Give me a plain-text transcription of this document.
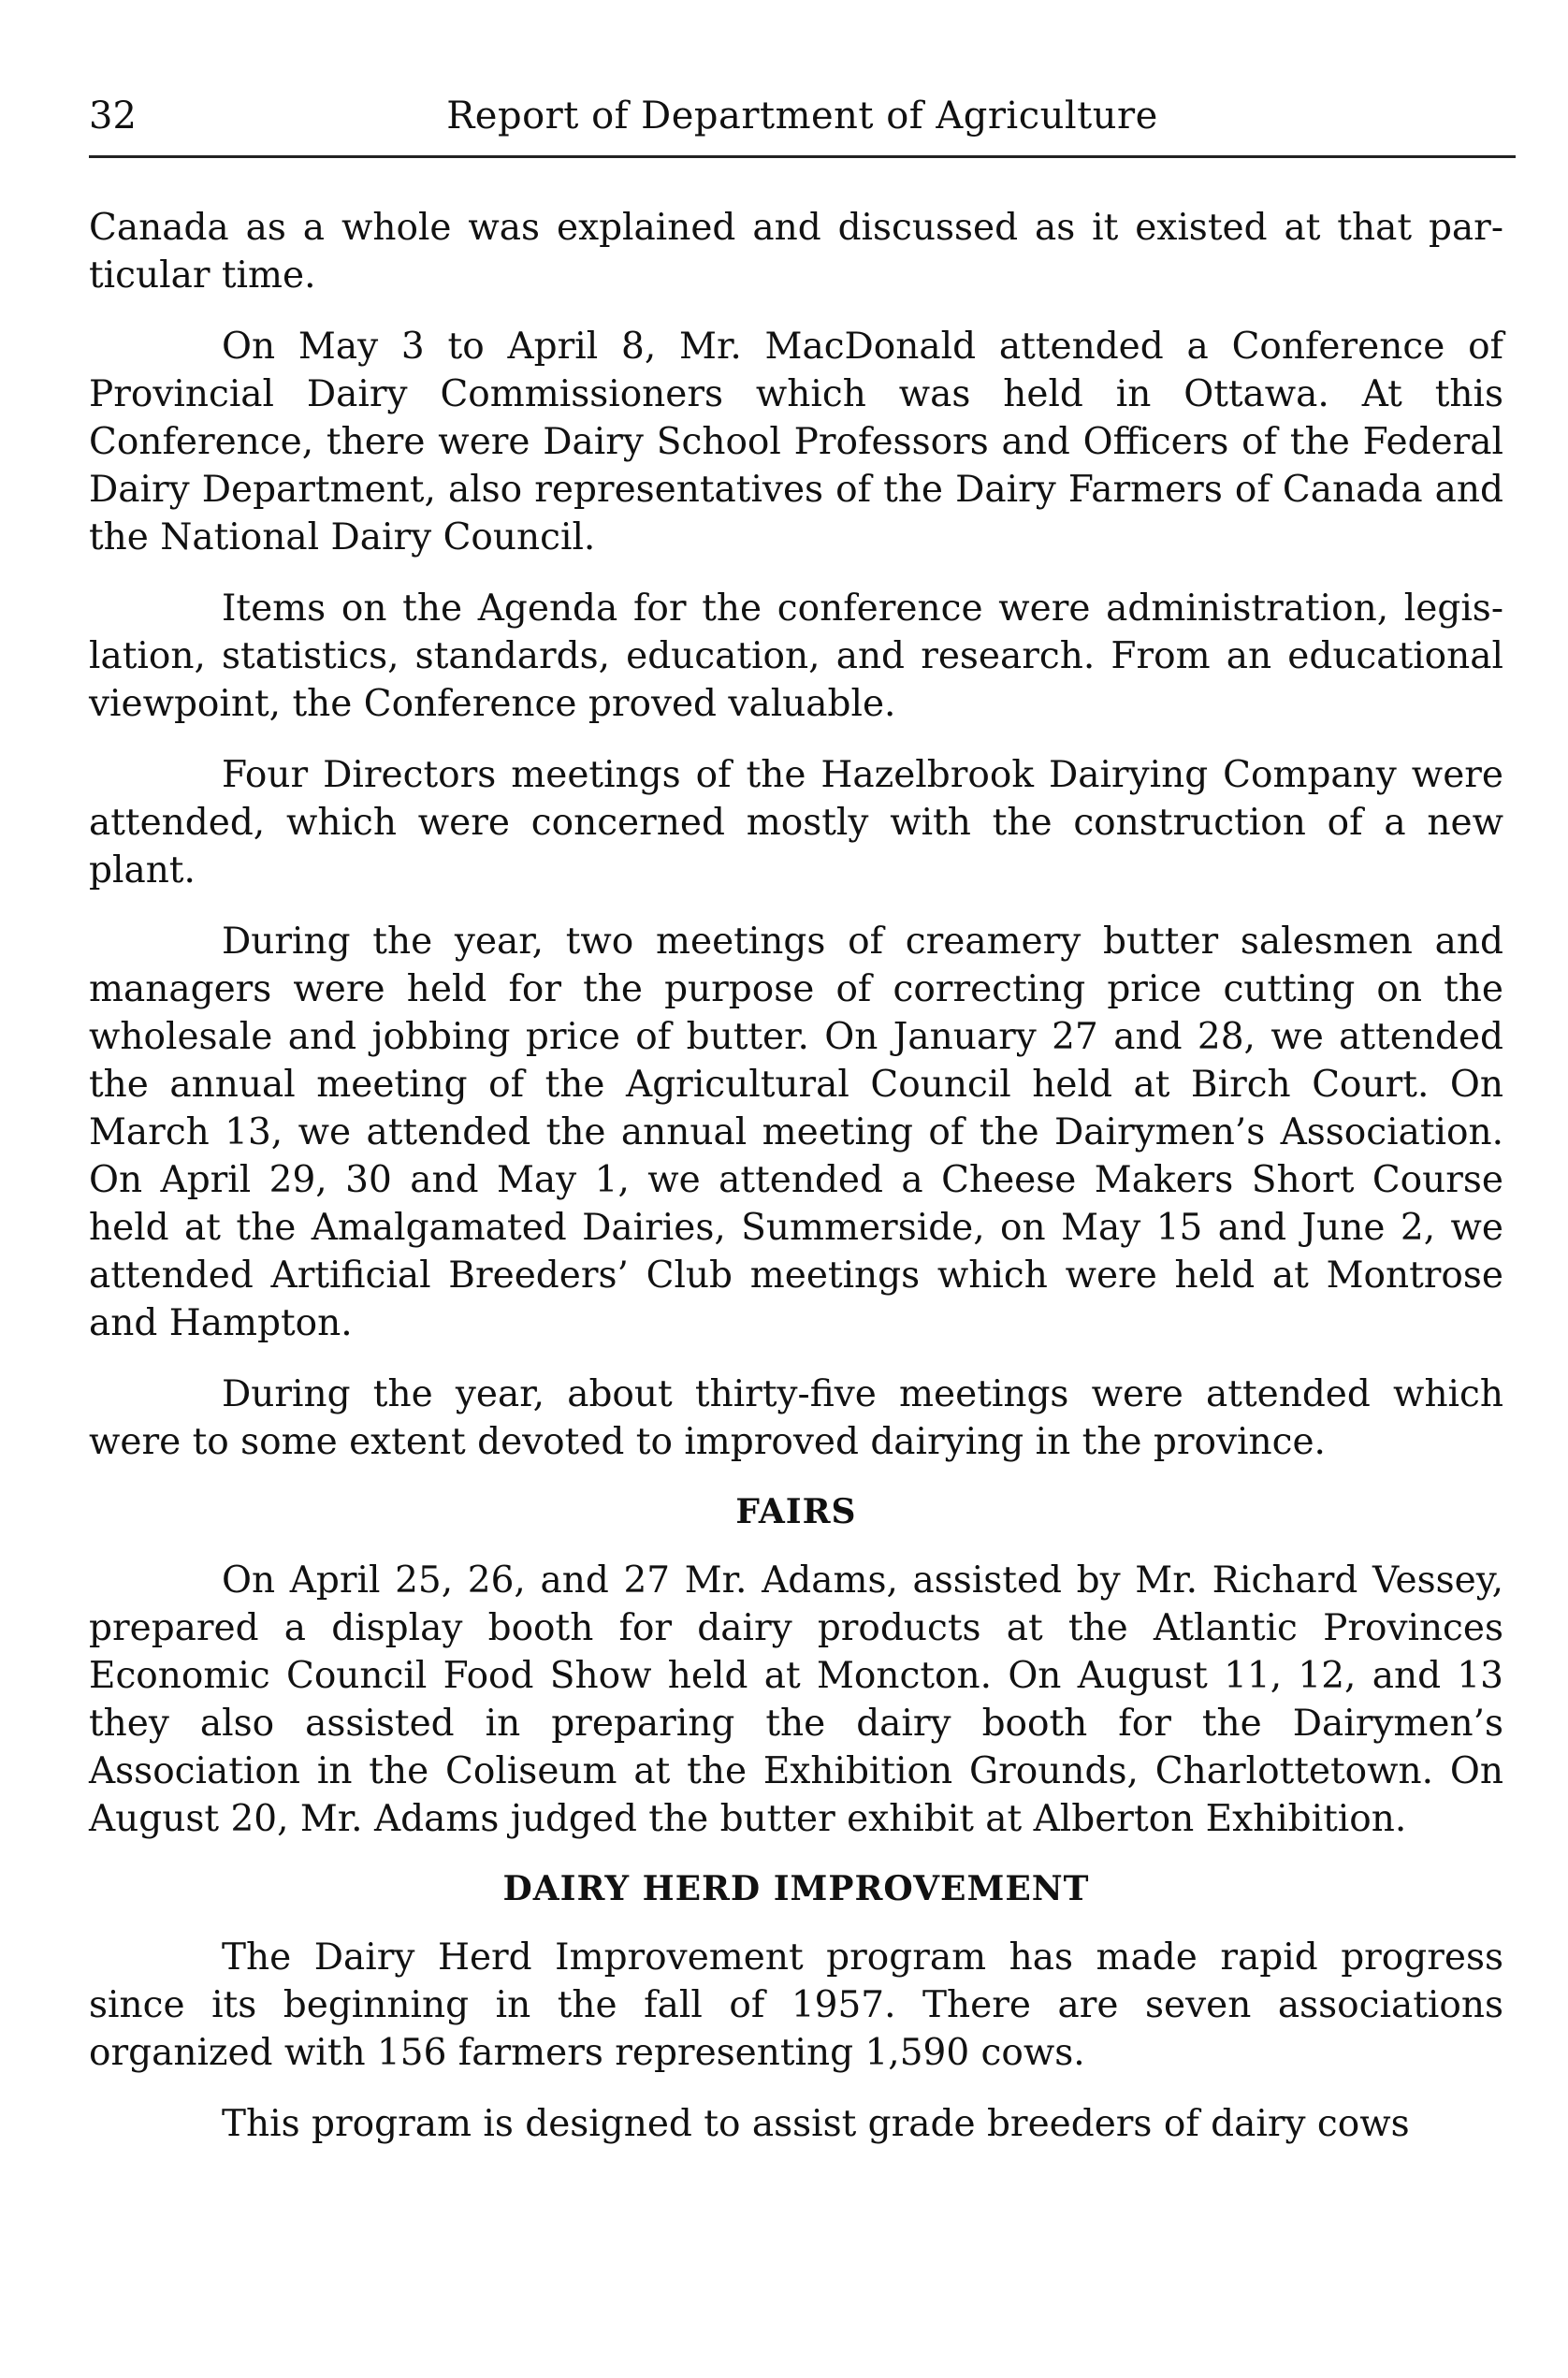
32	Report of Department of Agriculture

Canada as a whole was explained and discussed as it existed at that particular time.

On May 3 to April 8, Mr. MacDonald attended a Conference of Provincial Dairy Commissioners which was held in Ottawa. At this Conference, there were Dairy School Professors and Officers of the Federal Dairy Department, also representatives of the Dairy Farmers of Canada and the National Dairy Council.

Items on the Agenda for the conference were administration, legislation, statistics, standards, education, and research. From an educational viewpoint, the Conference proved valuable.

Four Directors meetings of the Hazelbrook Dairying Company were attended, which were concerned mostly with the construction of a new plant.

During the year, two meetings of creamery butter salesmen and managers were held for the purpose of correcting price cutting on the wholesale and jobbing price of butter. On January 27 and 28, we attended the annual meeting of the Agricultural Council held at Birch Court. On March 13, we attended the annual meeting of the Dairymen’s Association. On April 29, 30 and May 1, we attended a Cheese Makers Short Course held at the Amalgamated Dairies, Summerside, on May 15 and June 2, we attended Artificial Breeders’ Club meetings which were held at Montrose and Hampton.

During the year, about thirty-five meetings were attended which were to some extent devoted to improved dairying in the province.

FAIRS

On April 25, 26, and 27 Mr. Adams, assisted by Mr. Richard Vessey, prepared a display booth for dairy products at the Atlantic Provinces Economic Council Food Show held at Moncton. On August 11, 12, and 13 they also assisted in preparing the dairy booth for the Dairymen’s Association in the Coliseum at the Exhibition Grounds, Charlottetown. On August 20, Mr. Adams judged the butter exhibit at Alberton Exhibition.

DAIRY HERD IMPROVEMENT

The Dairy Herd Improvement program has made rapid progress since its beginning in the fall of 1957. There are seven associations organized with 156 farmers representing 1,590 cows.

This program is designed to assist grade breeders of dairy cows
